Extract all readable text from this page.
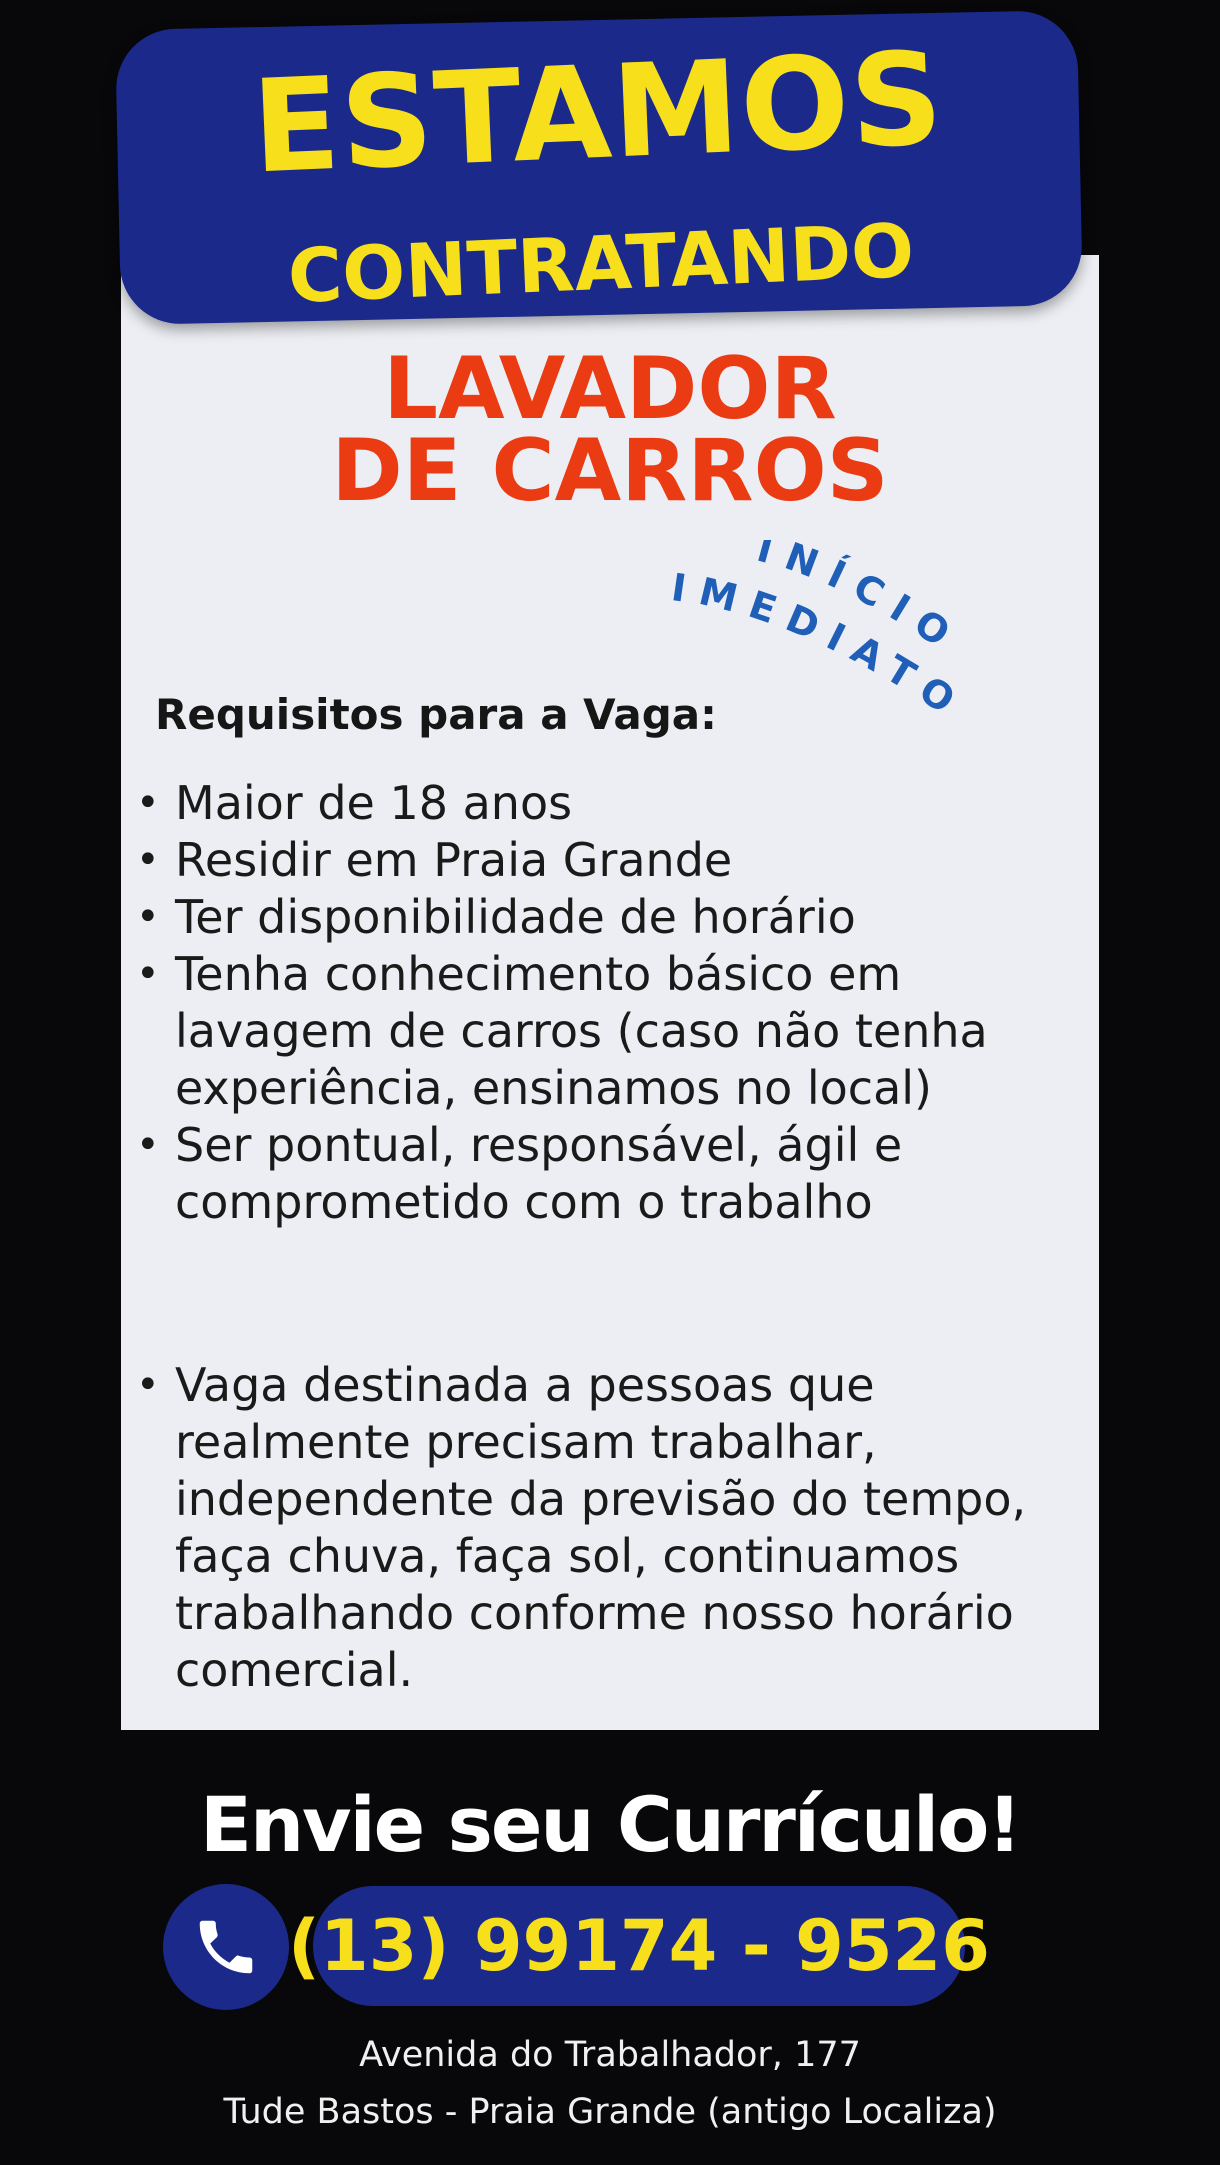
ESTAMOS
CONTRATANDO
LAVADOR
DE CARROS
INÍCIO
IMEDIATO
Requisitos para a Vaga:
• Maior de 18 anos
• Residir em Praia Grande
• Ter disponibilidade de horário
• Tenha conhecimento básico em lavagem de carros (caso não tenha experiência, ensinamos no local)
• Ser pontual, responsável, ágil e comprometido com o trabalho
• Vaga destinada a pessoas que realmente precisam trabalhar, independente da previsão do tempo, faça chuva, faça sol, continuamos trabalhando conforme nosso horário comercial.
Envie seu Currículo!
(13) 99174 - 9526
Avenida do Trabalhador, 177
Tude Bastos - Praia Grande (antigo Localiza)
